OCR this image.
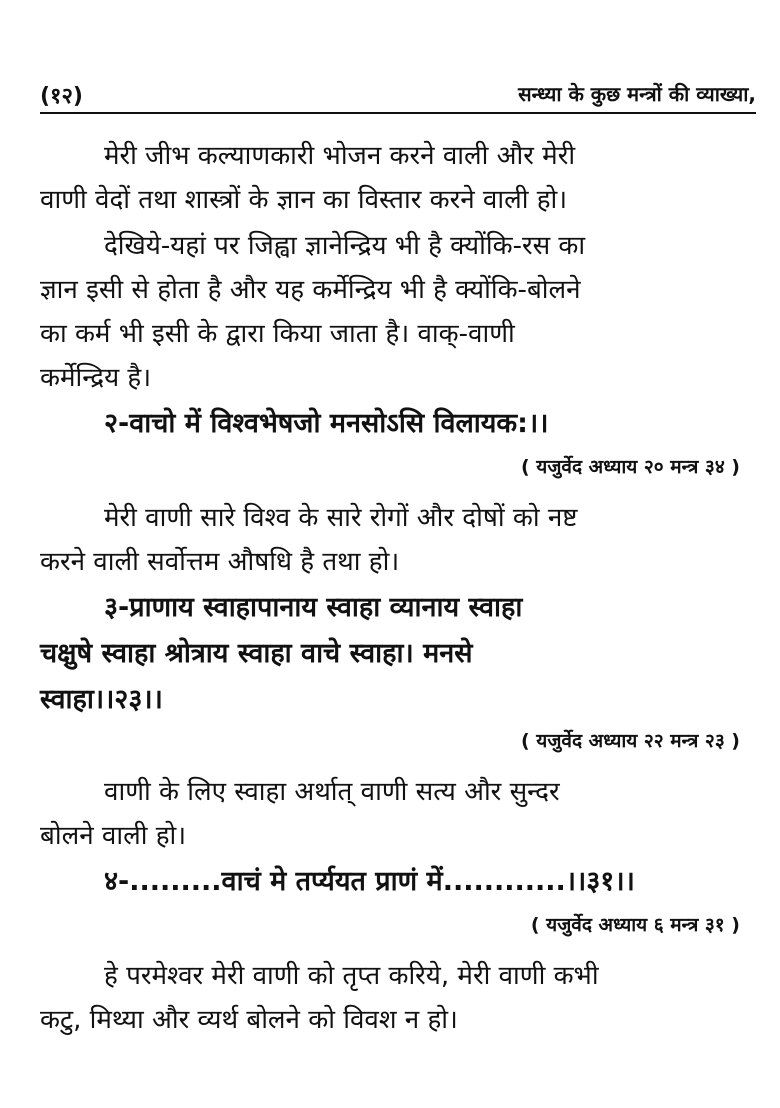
(१२)	सन्ध्या के कुछ मन्त्रों की व्याख्या,
मेरी जीभ कल्याणकारी भोजन करने वाली और मेरी
वाणी वेदों तथा शास्त्रों के ज्ञान का विस्तार करने वाली हो।
देखिये-यहां पर जिह्वा ज्ञानेन्द्रिय भी है क्योंकि-रस का
ज्ञान इसी से होता है और यह कर्मेन्द्रिय भी है क्योंकि-बोलने
का कर्म भी इसी के द्वारा किया जाता है। वाक्-वाणी
कर्मेन्द्रिय है।
२-वाचो में विश्वभेषजो मनसोऽसि विलायक:।।
( यजुर्वेद अध्याय २० मन्त्र ३४ )
मेरी वाणी सारे विश्व के सारे रोगों और दोषों को नष्ट
करने वाली सर्वोत्तम औषधि है तथा हो।
३-प्राणाय स्वाहापानाय स्वाहा व्यानाय स्वाहा
चक्षुषे स्वाहा श्रोत्राय स्वाहा वाचे स्वाहा। मनसे
स्वाहा।।२३।।
( यजुर्वेद अध्याय २२ मन्त्र २३ )
वाणी के लिए स्वाहा अर्थात् वाणी सत्य और सुन्दर
बोलने वाली हो।
४-.........वाचं मे तर्प्ययत प्राणं में............।।३१।।
( यजुर्वेद अध्याय ६ मन्त्र ३१ )
हे परमेश्वर मेरी वाणी को तृप्त करिये, मेरी वाणी कभी
कटु, मिथ्या और व्यर्थ बोलने को विवश न हो।
